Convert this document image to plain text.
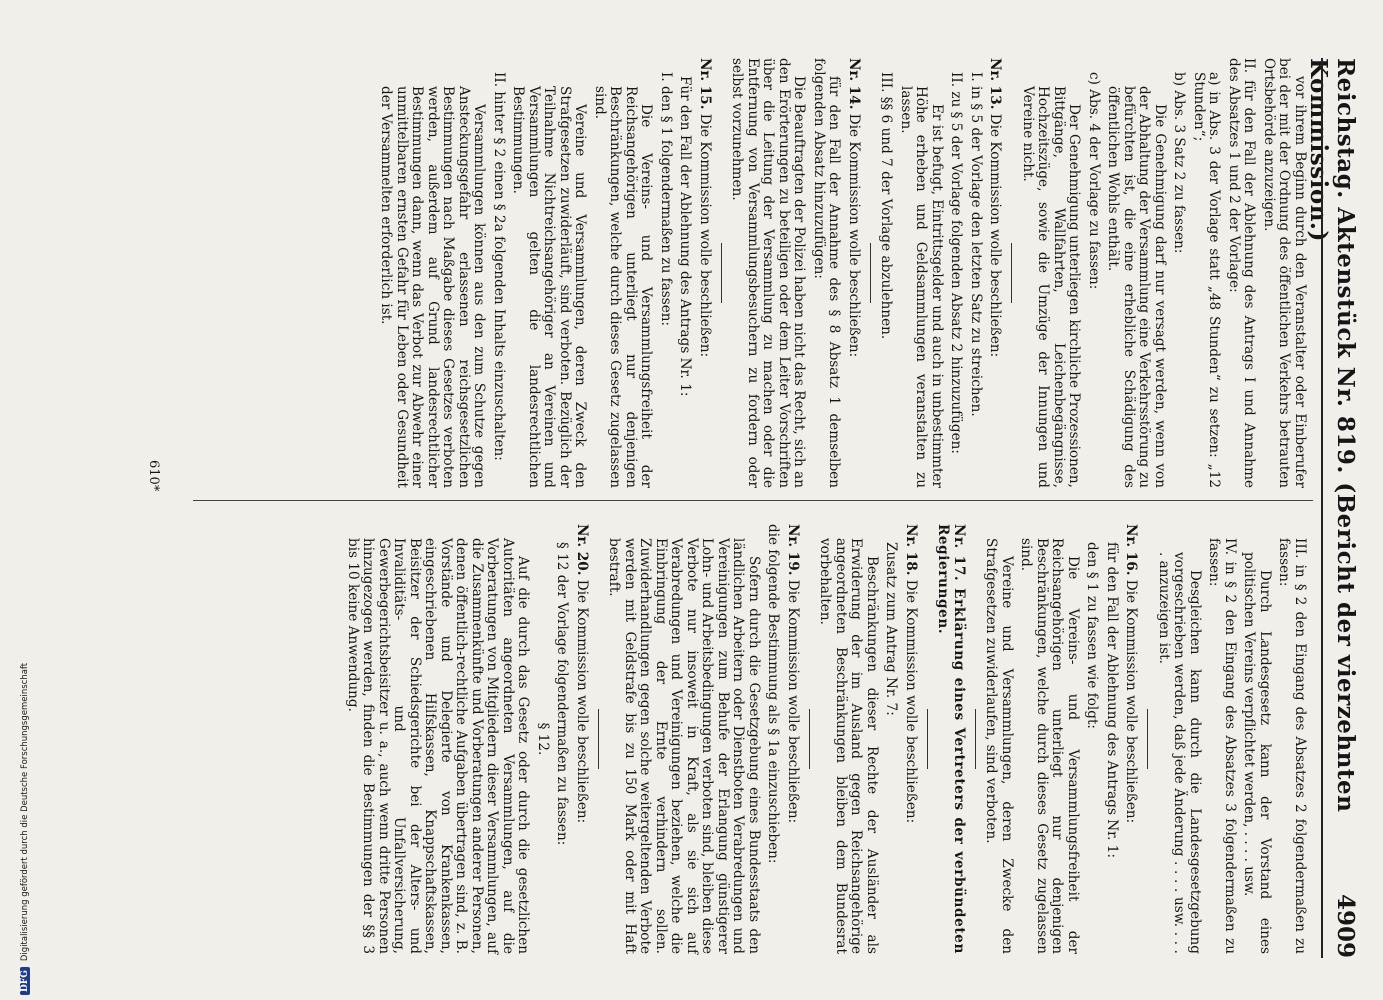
Reichstag. Aktenstück Nr. 819. (Bericht der vierzehnten Kommission.)
4909

vor ihrem Beginn durch den Veranstalter oder Einberufer bei der mit der Ordnung des öffentlichen Verkehrs betrauten Ortsbehörde anzuzeigen.

II. für den Fall der Ablehnung des Antrags I und Annahme des Absatzes 1 und 2 der Vorlage:

a) in Abs. 3 der Vorlage statt „48 Stunden“ zu setzen: „12 Stunden“;

b) Abs. 3 Satz 2 zu fassen:

Die Genehmigung darf nur versagt werden, wenn von der Abhaltung der Versammlung eine Verkehrsstörung zu befürchten ist, die eine erhebliche Schädigung des öffentlichen Wohls enthält.

c) Abs. 4 der Vorlage zu fassen:

Der Genehmigung unterliegen kirchliche Prozessionen, Bittgänge, Wallfahrten, Leichenbegängnisse, Hochzeitszüge, sowie die Umzüge der Innungen und Vereine nicht.

Nr. 13. Die Kommission wolle beschließen:

I. in § 5 der Vorlage den letzten Satz zu streichen.

II. zu § 5 der Vorlage folgenden Absatz 2 hinzuzufügen:

Er ist befugt, Eintrittsgelder und auch in unbestimmter Höhe erheben und Geldsammlungen veranstalten zu lassen.

III. §§ 6 und 7 der Vorlage abzulehnen.

Nr. 14. Die Kommission wolle beschließen:

für den Fall der Annahme des § 8 Absatz 1 demselben folgenden Absatz hinzuzufügen:

Die Beauftragten der Polizei haben nicht das Recht, sich an den Erörterungen zu beteiligen oder dem Leiter Vorschriften über die Leitung der Versammlung zu machen oder die Entfernung von Versammlungsbesuchern zu fordern oder selbst vorzunehmen.

Nr. 15. Die Kommission wolle beschließen:

Für den Fall der Ablehnung des Antrags Nr. 1:

I. den § 1 folgendermaßen zu fassen:

Die Vereins- und Versammlungsfreiheit der Reichsangehörigen unterliegt nur denjenigen Beschränkungen, welche durch dieses Gesetz zugelassen sind.

Vereine und Versammlungen, deren Zweck den Strafgesetzen zuwiderläuft, sind verboten. Bezüglich der Teilnahme Nichtreichsangehöriger an Vereinen und Versammlungen gelten die landesrechtlichen Bestimmungen.

II. hinter § 2 einen § 2a folgenden Inhalts einzuschalten:

Versammlungen können aus den zum Schutze gegen Ansteckungsgefahr erlassenen reichsgesetzlichen Bestimmungen nach Maßgabe dieses Gesetzes verboten werden, außerdem auf Grund landesrechtlicher Bestimmungen dann, wenn das Verbot zur Abwehr einer unmittelbaren ernsten Gefahr für Leben oder Gesundheit der Versammelten erforderlich ist.

III. in § 2 den Eingang des Absatzes 2 folgendermaßen zu fassen:

Durch Landesgesetz kann der Vorstand eines politischen Vereins verpflichtet werden, . . . . usw.

IV. in § 2 den Eingang des Absatzes 3 folgendermaßen zu fassen:

Desgleichen kann durch die Landesgesetzgebung vorgeschrieben werden, daß jede Änderung . . . . usw. . . . . anzuzeigen ist.

Nr. 16. Die Kommission wolle beschließen:

für den Fall der Ablehnung des Antrags Nr. 1:

den § 1 zu fassen wie folgt:

Die Vereins- und Versammlungsfreiheit der Reichsangehörigen unterliegt nur denjenigen Beschränkungen, welche durch dieses Gesetz zugelassen sind.

Vereine und Versammlungen, deren Zwecke den Strafgesetzen zuwiderlaufen, sind verboten.

Nr. 17. Erklärung eines Vertreters der verbündeten Regierungen.

Nr. 18. Die Kommission wolle beschließen:

Zusatz zum Antrag Nr. 7:

Beschränkungen dieser Rechte der Ausländer als Erwiderung der im Ausland gegen Reichsangehörige angeordneten Beschränkungen bleiben dem Bundesrat vorbehalten.

Nr. 19. Die Kommission wolle beschließen:

die folgende Bestimmung als § 1a einzuschieben:

Sofern durch die Gesetzgebung eines Bundesstaats den ländlichen Arbeitern oder Dienstboten Verabredungen und Vereinigungen zum Behufe der Erlangung günstigerer Lohn- und Arbeitsbedingungen verboten sind, bleiben diese Verbote nur insoweit in Kraft, als sie sich auf Verabredungen und Vereinigungen beziehen, welche die Einbringung der Ernte verhindern sollen. Zuwiderhandlungen gegen solche weitergeltenden Verbote werden mit Geldstrafe bis zu 150 Mark oder mit Haft bestraft.

Nr. 20. Die Kommission wolle beschließen:

§ 12 der Vorlage folgendermaßen zu fassen:

§ 12.

Auf die durch das Gesetz oder durch die gesetzlichen Autoritäten angeordneten Versammlungen, auf die Vorberatungen von Mitgliedern dieser Versammlungen, auf die Zusammenkünfte und Vorberatungen anderer Personen, denen öffentlich-rechtliche Aufgaben übertragen sind, z. B. Vorstände und Delegierte von Krankenkassen, eingeschriebenen Hilfskassen, Knappschaftskassen, Beisitzer der Schiedsgerichte bei der Alters- und Invaliditäts- und Unfallversicherung, Gewerbegerichtsbeisitzer u. a., auch wenn dritte Personen hinzugezogen werden, finden die Bestimmungen der §§ 3 bis 10 keine Anwendung.

610*
DFGDigitalisierung gefördert durch die Deutsche Forschungsgemeinschaft
